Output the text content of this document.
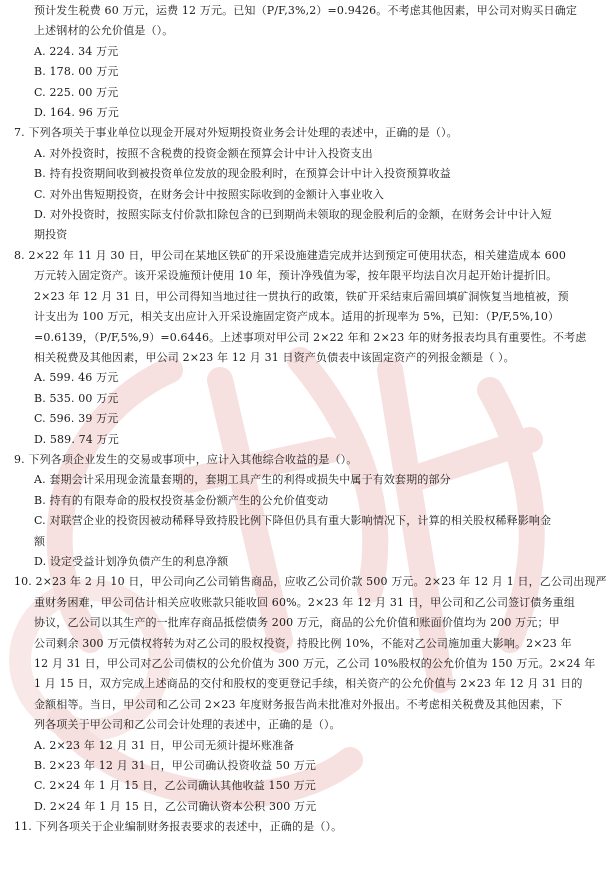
预计发生税费 60 万元，运费 12 万元。已知（P/F,3%,2）=0.9426。不考虑其他因素，甲公司对购买日确定
上述钢材的公允价值是（）。
A. 224. 34 万元
B. 178. 00 万元
C. 225. 00 万元
D. 164. 96 万元
7. 下列各项关于事业单位以现金开展对外短期投资业务会计处理的表述中，正确的是（）。
A. 对外投资时，按照不含税费的投资金额在预算会计中计入投资支出
B. 持有投资期间收到被投资单位发放的现金股利时，在预算会计中计入投资预算收益
C. 对外出售短期投资，在财务会计中按照实际收到的金额计入事业收入
D. 对外投资时，按照实际支付价款扣除包含的已到期尚未领取的现金股利后的金额，在财务会计中计入短
期投资
8. 2×22 年 11 月 30 日，甲公司在某地区铁矿的开采设施建造完成并达到预定可使用状态，相关建造成本 600
万元转入固定资产。该开采设施预计使用 10 年，预计净残值为零，按年限平均法自次月起开始计提折旧。
2×23 年 12 月 31 日，甲公司得知当地过往一贯执行的政策，铁矿开采结束后需回填矿洞恢复当地植被，预
计支出为 100 万元，相关支出应计入开采设施固定资产成本。适用的折现率为 5%，已知：（P/F,5%,10）
=0.6139，（P/F,5%,9）=0.6446。上述事项对甲公司 2×22 年和 2×23 年的财务报表均具有重要性。不考虑
相关税费及其他因素，甲公司 2×23 年 12 月 31 日资产负债表中该固定资产的列报金额是（ ）。
A. 599. 46 万元
B. 535. 00 万元
C. 596. 39 万元
D. 589. 74 万元
9. 下列各项企业发生的交易或事项中，应计入其他综合收益的是（）。
A. 套期会计采用现金流量套期的，套期工具产生的利得或损失中属于有效套期的部分
B. 持有的有限寿命的股权投资基金份额产生的公允价值变动
C. 对联营企业的投资因被动稀释导致持股比例下降但仍具有重大影响情况下，计算的相关股权稀释影响金
额
D. 设定受益计划净负债产生的利息净额
10. 2×23 年 2 月 10 日，甲公司向乙公司销售商品，应收乙公司价款 500 万元。2×23 年 12 月 1 日，乙公司出现严
重财务困难，甲公司估计相关应收账款只能收回 60%。2×23 年 12 月 31 日，甲公司和乙公司签订债务重组
协议，乙公司以其生产的一批库存商品抵偿债务 200 万元，商品的公允价值和账面价值均为 200 万元；甲
公司剩余 300 万元债权将转为对乙公司的股权投资，持股比例 10%，不能对乙公司施加重大影响。2×23 年
12 月 31 日，甲公司对乙公司债权的公允价值为 300 万元，乙公司 10%股权的公允价值为 150 万元。2×24 年
1 月 15 日，双方完成上述商品的交付和股权的变更登记手续，相关资产的公允价值与 2×23 年 12 月 31 日的
金额相等。当日，甲公司和乙公司 2×23 年度财务报告尚未批准对外报出。不考虑相关税费及其他因素，下
列各项关于甲公司和乙公司会计处理的表述中，正确的是（）。
A. 2×23 年 12 月 31 日，甲公司无须计提坏账准备
B. 2×23 年 12 月 31 日，甲公司确认投资收益 50 万元
C. 2×24 年 1 月 15 日，乙公司确认其他收益 150 万元
D. 2×24 年 1 月 15 日，乙公司确认资本公积 300 万元
11. 下列各项关于企业编制财务报表要求的表述中，正确的是（）。
